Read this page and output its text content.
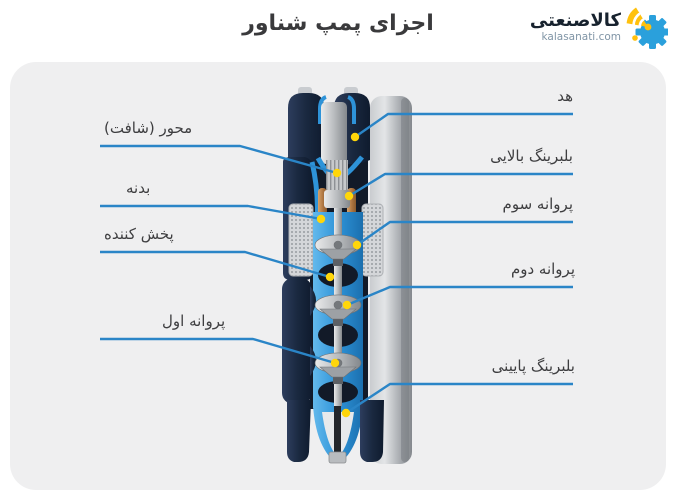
اجزای پمپ شناور	کالاصنعتی
kalasanati.com
محور (شافت)
بدنه
پخش کننده
پروانه اول
هد
بلبرینگ بالایی
پروانه سوم
پروانه دوم
بلبرینگ پایینی
